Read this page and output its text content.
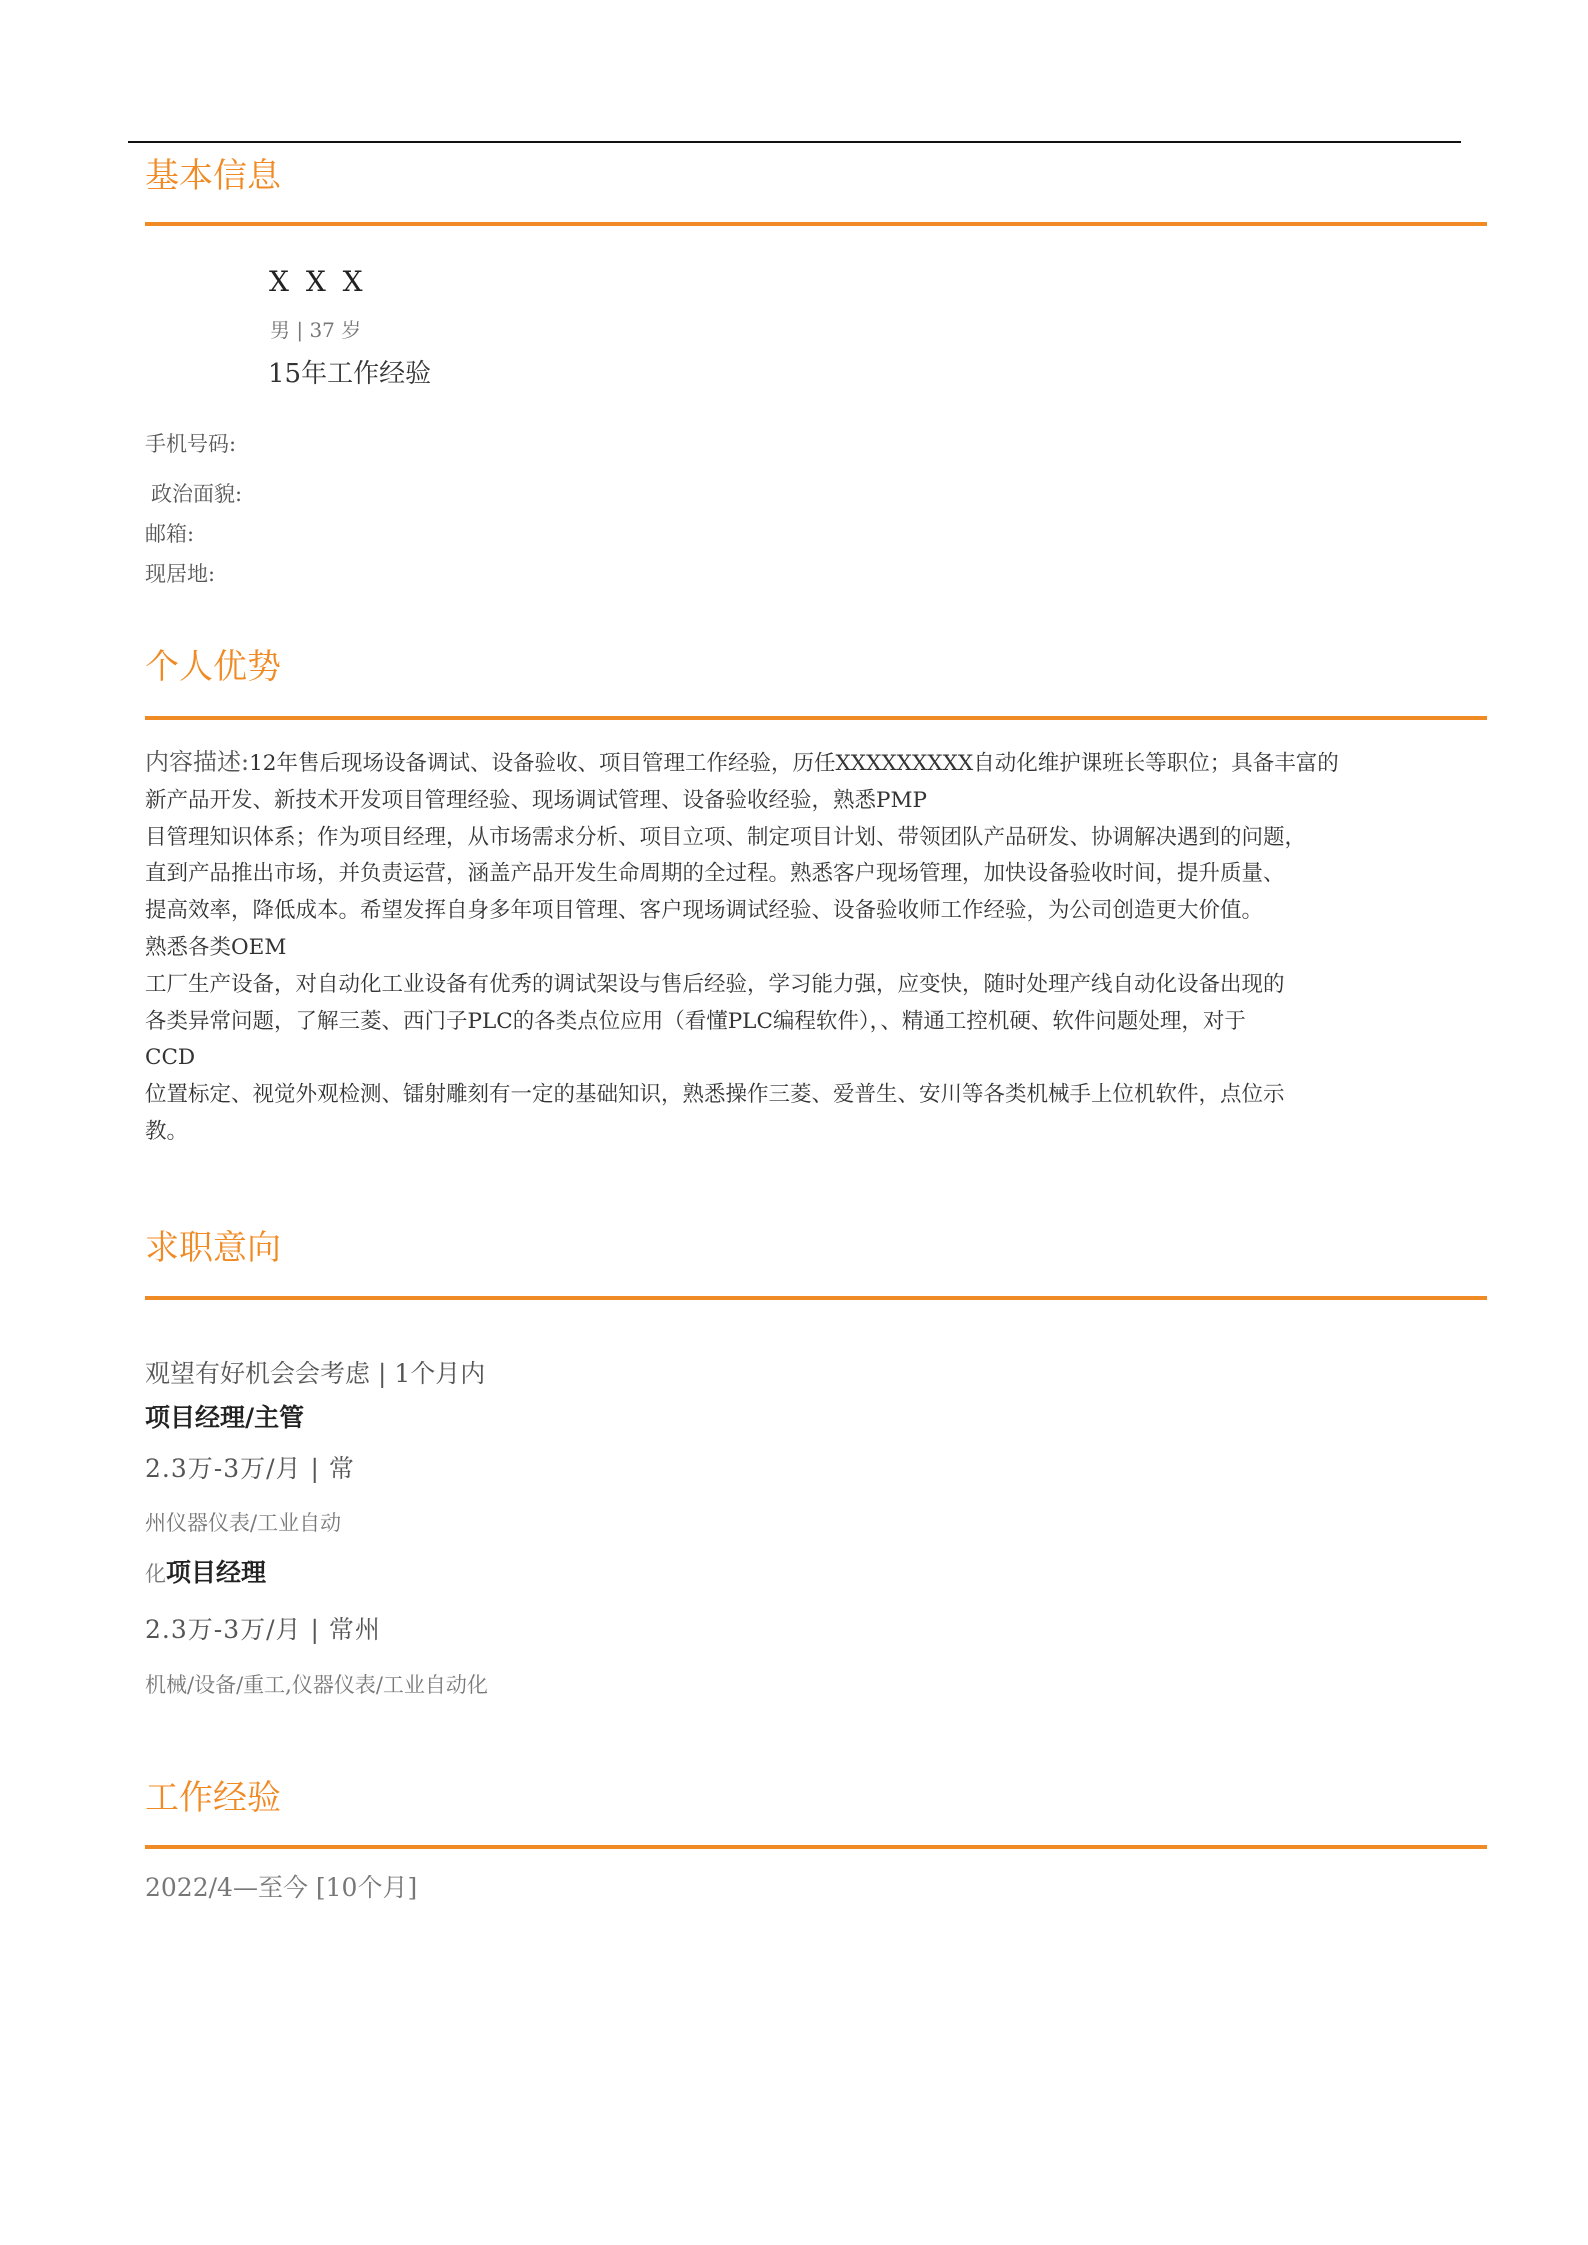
基本信息
X X X
男 | 37 岁
15年工作经验
手机号码:
政治面貌:
邮箱:
现居地:
个人优势
内容描述:12年售后现场设备调试、设备验收、项目管理工作经验，历任XXXXXXXXX自动化维护课班长等职位；具备丰富的
新产品开发、新技术开发项目管理经验、现场调试管理、设备验收经验，熟悉PMP
目管理知识体系；作为项目经理，从市场需求分析、项目立项、制定项目计划、带领团队产品研发、协调解决遇到的问题，
直到产品推出市场，并负责运营，涵盖产品开发生命周期的全过程。熟悉客户现场管理，加快设备验收时间，提升质量、
提高效率，降低成本。希望发挥自身多年项目管理、客户现场调试经验、设备验收师工作经验，为公司创造更大价值。
熟悉各类OEM
工厂生产设备，对自动化工业设备有优秀的调试架设与售后经验，学习能力强，应变快，随时处理产线自动化设备出现的
各类异常问题，了解三菱、西门子PLC的各类点位应用（看懂PLC编程软件），、精通工控机硬、软件问题处理，对于
CCD
位置标定、视觉外观检测、镭射雕刻有一定的基础知识，熟悉操作三菱、爱普生、安川等各类机械手上位机软件，点位示
教。
求职意向
观望有好机会会考虑 | 1个月内
项目经理/主管
2.3万-3万/月 | 常
州仪器仪表/工业自动
化项目经理
2.3万-3万/月 | 常州
机械/设备/重工,仪器仪表/工业自动化
工作经验
2022/4—至今 [10个月]
